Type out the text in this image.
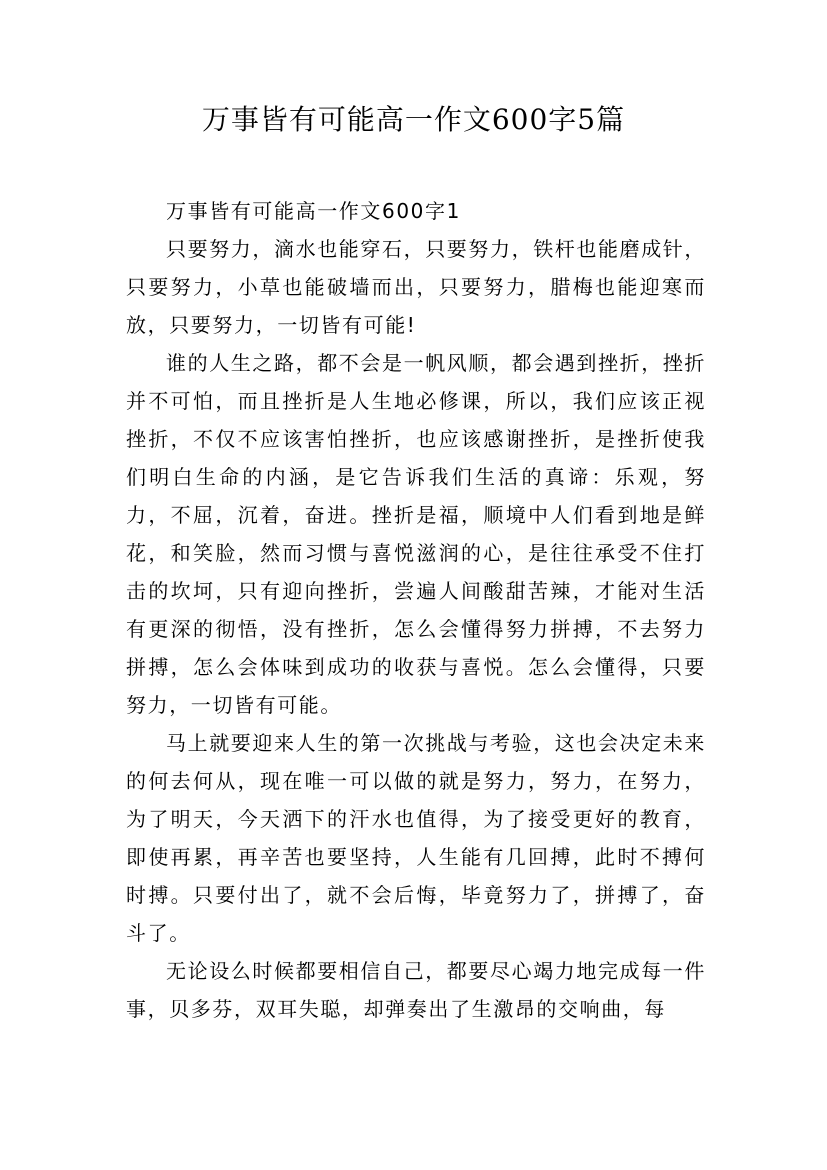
万事皆有可能高一作文600字5篇

万事皆有可能高一作文600字1

只要努力，滴水也能穿石，只要努力，铁杆也能磨成针，只要努力，小草也能破墙而出，只要努力，腊梅也能迎寒而放，只要努力，一切皆有可能!

谁的人生之路，都不会是一帆风顺，都会遇到挫折，挫折并不可怕，而且挫折是人生地必修课，所以，我们应该正视挫折，不仅不应该害怕挫折，也应该感谢挫折，是挫折使我们明白生命的内涵，是它告诉我们生活的真谛：乐观，努力，不屈，沉着，奋进。挫折是福，顺境中人们看到地是鲜花，和笑脸，然而习惯与喜悦滋润的心，是往往承受不住打击的坎坷，只有迎向挫折，尝遍人间酸甜苦辣，才能对生活有更深的彻悟，没有挫折，怎么会懂得努力拼搏，不去努力拼搏，怎么会体味到成功的收获与喜悦。怎么会懂得，只要努力，一切皆有可能。

马上就要迎来人生的第一次挑战与考验，这也会决定未来的何去何从，现在唯一可以做的就是努力，努力，在努力，为了明天，今天洒下的汗水也值得，为了接受更好的教育，即使再累，再辛苦也要坚持，人生能有几回搏，此时不搏何时搏。只要付出了，就不会后悔，毕竟努力了，拼搏了，奋斗了。

无论设么时候都要相信自己，都要尽心竭力地完成每一件事，贝多芬，双耳失聪，却弹奏出了生激昂的交响曲，每
